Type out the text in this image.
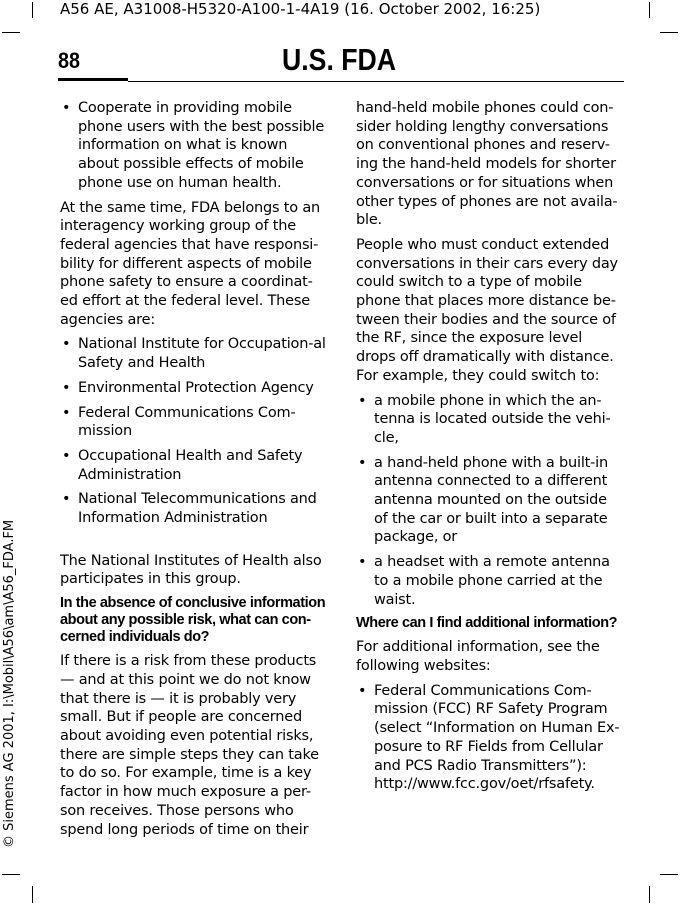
A56 AE, A31008-H5320-A100-1-4A19 (16. October 2002, 16:25)
88	U.S. FDA
© Siemens AG 2001, I:\Mobil\A56\am\A56_FDA.FM
• Cooperate in providing mobile phone users with the best possible information on what is known about possible effects of mobile phone use on human health.

At the same time, FDA belongs to an interagency working group of the federal agencies that have responsi-bility for different aspects of mobile phone safety to ensure a coordinat-ed effort at the federal level. These agencies are:

• National Institute for Occupation-al Safety and Health
• Environmental Protection Agency
• Federal Communications Com-mission
• Occupational Health and Safety Administration
• National Telecommunications and Information Administration

The National Institutes of Health also participates in this group.

In the absence of conclusive information about any possible risk, what can con-cerned individuals do?

If there is a risk from these products — and at this point we do not know that there is — it is probably very small. But if people are concerned about avoiding even potential risks, there are simple steps they can take to do so. For example, time is a key factor in how much exposure a per-son receives. Those persons who spend long periods of time on their

hand-held mobile phones could con-sider holding lengthy conversations on conventional phones and reserv-ing the hand-held models for shorter conversations or for situations when other types of phones are not availa-ble.

People who must conduct extended conversations in their cars every day could switch to a type of mobile phone that places more distance be-tween their bodies and the source of the RF, since the exposure level drops off dramatically with distance. For example, they could switch to:

• a mobile phone in which the an-tenna is located outside the vehi-cle,
• a hand-held phone with a built-in antenna connected to a different antenna mounted on the outside of the car or built into a separate package, or
• a headset with a remote antenna to a mobile phone carried at the waist.
Where can I find additional information?

For additional information, see the following websites:

• Federal Communications Com-mission (FCC) RF Safety Program (select “Information on Human Ex-posure to RF Fields from Cellular and PCS Radio Transmitters”): http://www.fcc.gov/oet/rfsafety.
